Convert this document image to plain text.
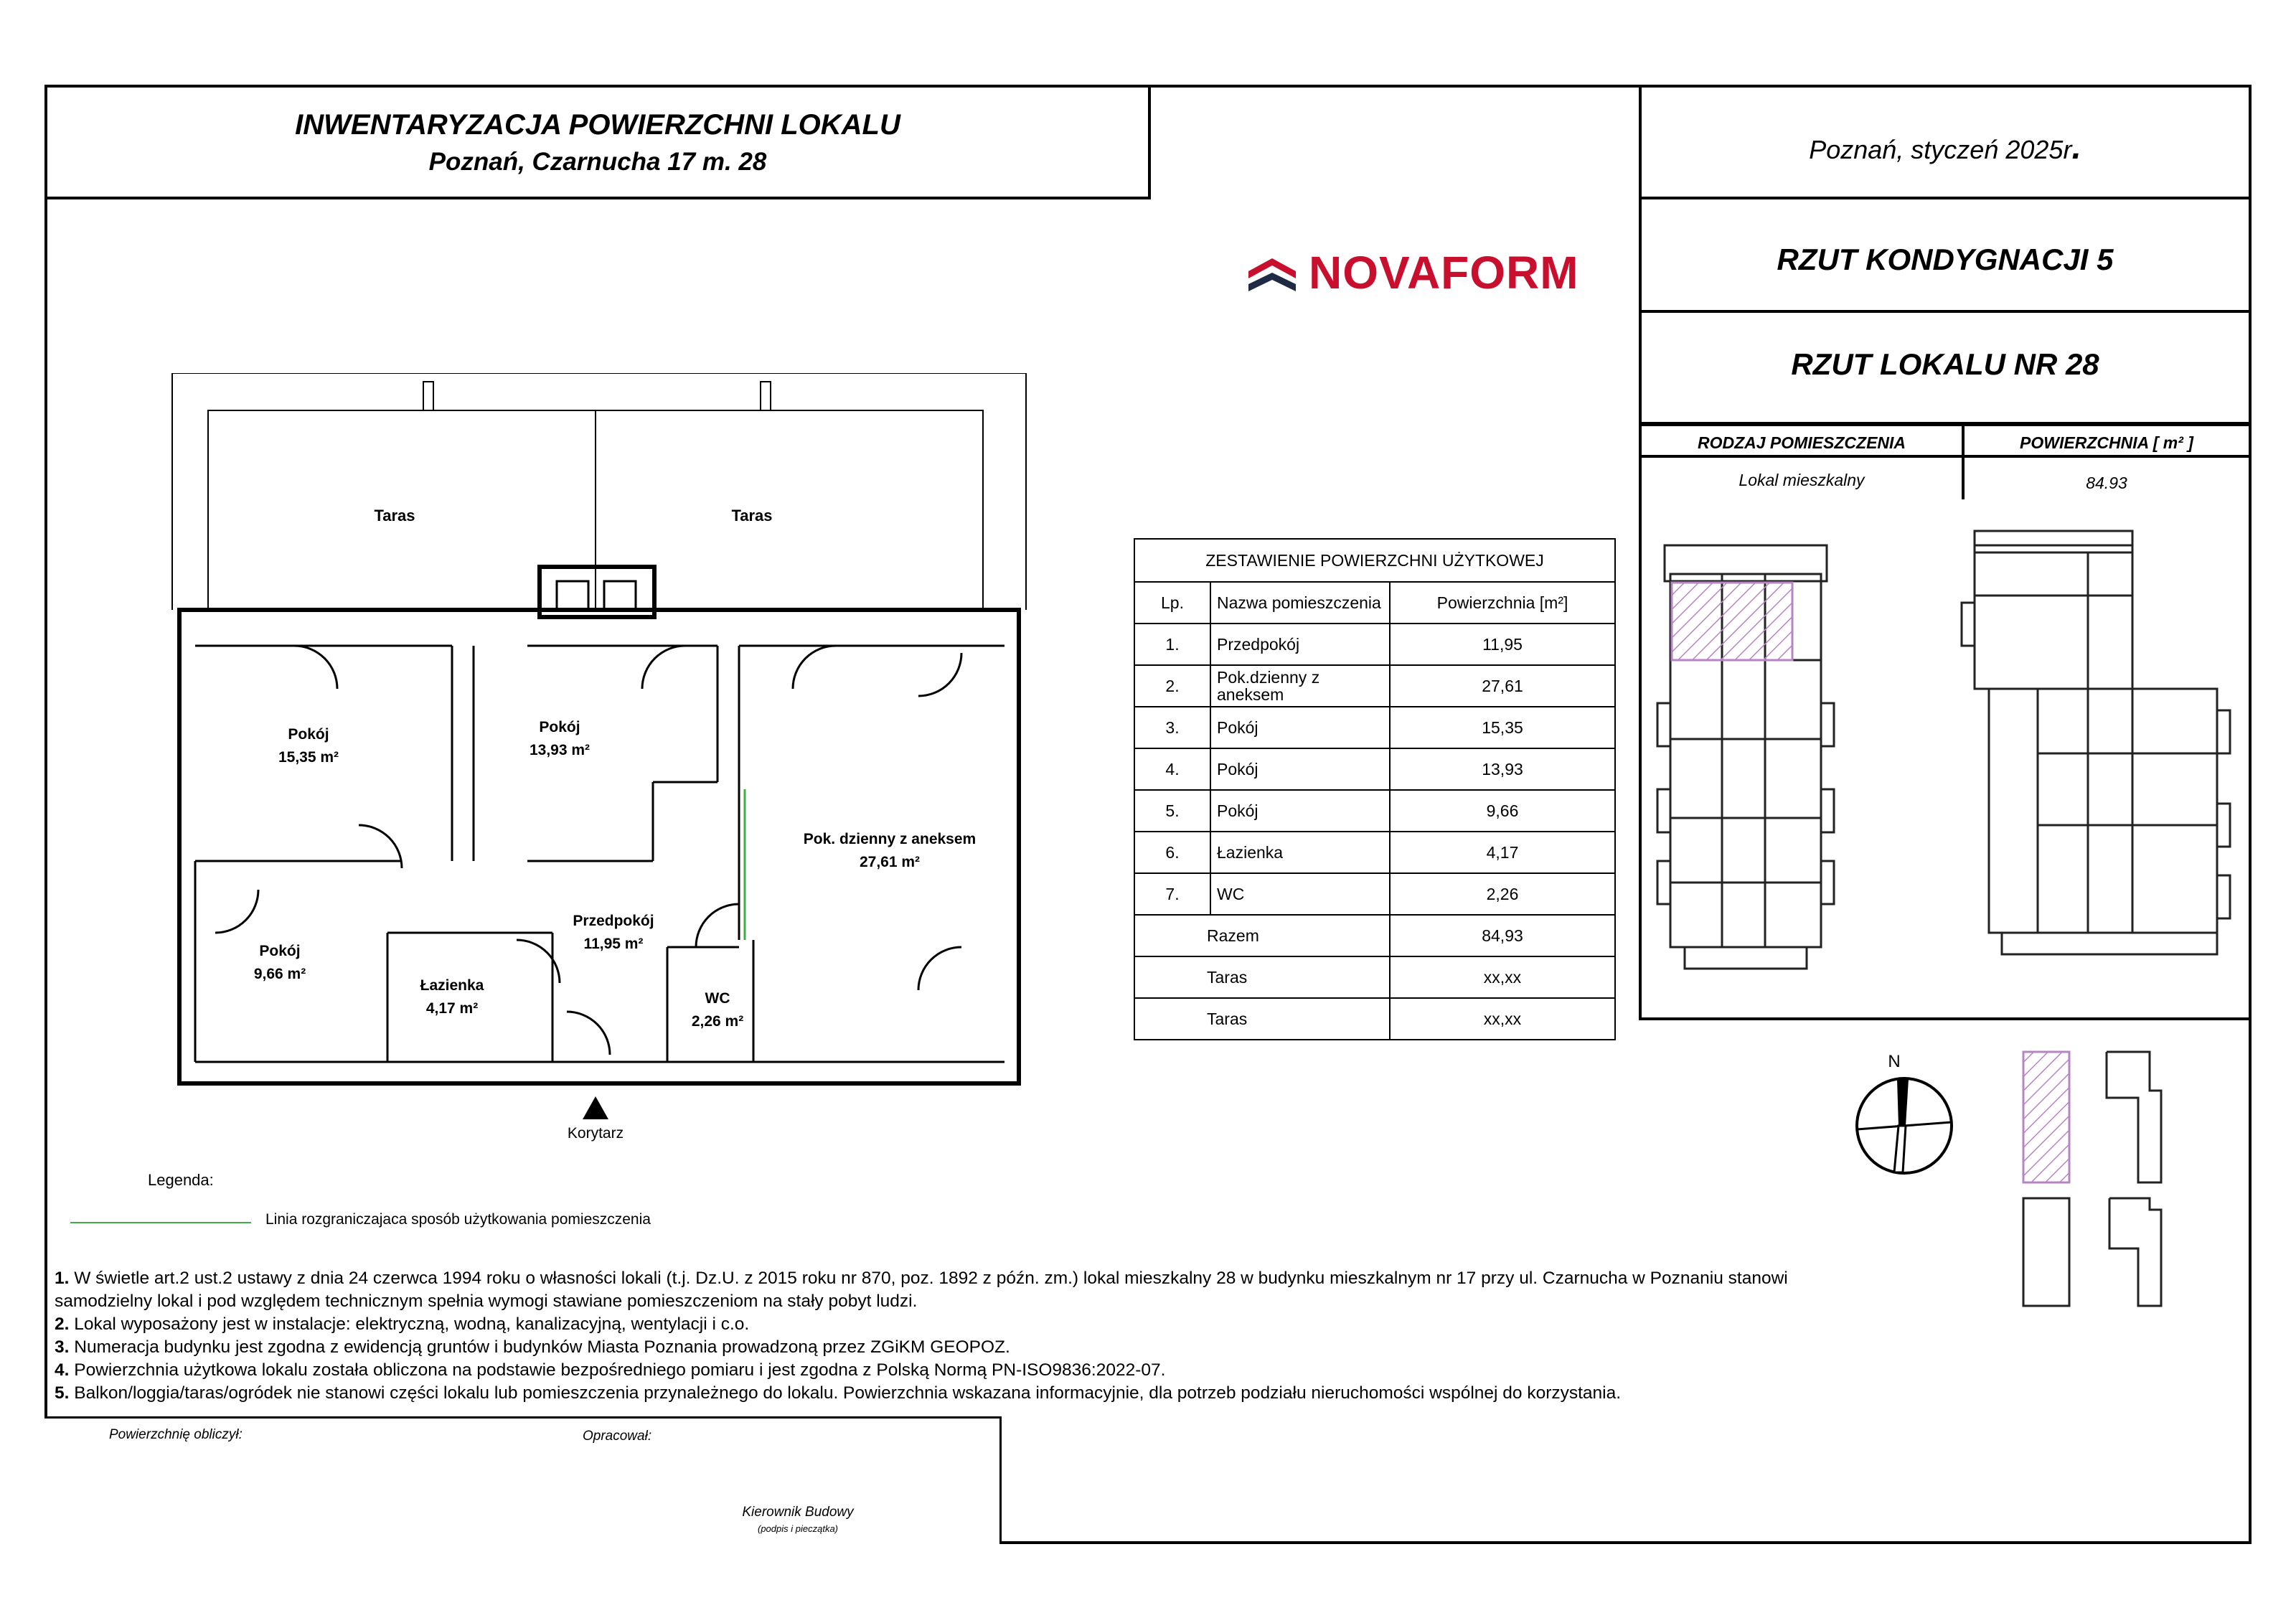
INWENTARYZACJA POWIERZCHNI LOKALU
Poznań, Czarnucha 17 m. 28
NOVAFORM
Poznań, styczeń 2025r.
RZUT KONDYGNACJI 5
RZUT LOKALU NR 28
RODZAJ POMIESZCZENIA	POWIERZCHNIA [ m² ]
Lokal mieszkalny	84.93
Taras	Taras
Pokój
15,35 m²
Pokój
13,93 m²
Pok. dzienny z aneksem
27,61 m²
Pokój
9,66 m²
Łazienka
4,17 m²
Przedpokój
11,95 m²
WC
2,26 m²
Korytarz
ZESTAWIENIE POWIERZCHNI UŻYTKOWEJ		
Lp.	Nazwa pomieszczenia	Powierzchnia [m²]
1.	Przedpokój	11,95
2.	Pok.dzienny z aneksem	27,61
3.	Pokój	15,35
4.	Pokój	13,93
5.	Pokój	9,66
6.	Łazienka	4,17
7.	WC	2,26
Razem		84,93
Taras		xx,xx
Taras		xx,xx
N
Legenda:
Linia rozgraniczajaca sposób użytkowania pomieszczenia
1. W świetle art.2 ust.2 ustawy z dnia 24 czerwca 1994 roku o własności lokali (t.j. Dz.U. z 2015 roku nr 870, poz. 1892 z późn. zm.) lokal mieszkalny 28 w budynku mieszkalnym nr 17 przy ul. Czarnucha w Poznaniu stanowi
samodzielny lokal i pod względem technicznym spełnia wymogi stawiane pomieszczeniom na stały pobyt ludzi.
2. Lokal wyposażony jest w instalacje: elektryczną, wodną, kanalizacyjną, wentylacji i c.o.
3. Numeracja budynku jest zgodna z ewidencją gruntów i budynków Miasta Poznania prowadzoną przez ZGiKM GEOPOZ.
4. Powierzchnia użytkowa lokalu została obliczona na podstawie bezpośredniego pomiaru i jest zgodna z Polską Normą PN-ISO9836:2022-07.
5. Balkon/loggia/taras/ogródek nie stanowi części lokalu lub pomieszczenia przynależnego do lokalu. Powierzchnia wskazana informacyjnie, dla potrzeb podziału nieruchomości wspólnej do korzystania.
Powierzchnię obliczył:	Opracował:
Kierownik Budowy
(podpis i pieczątka)
